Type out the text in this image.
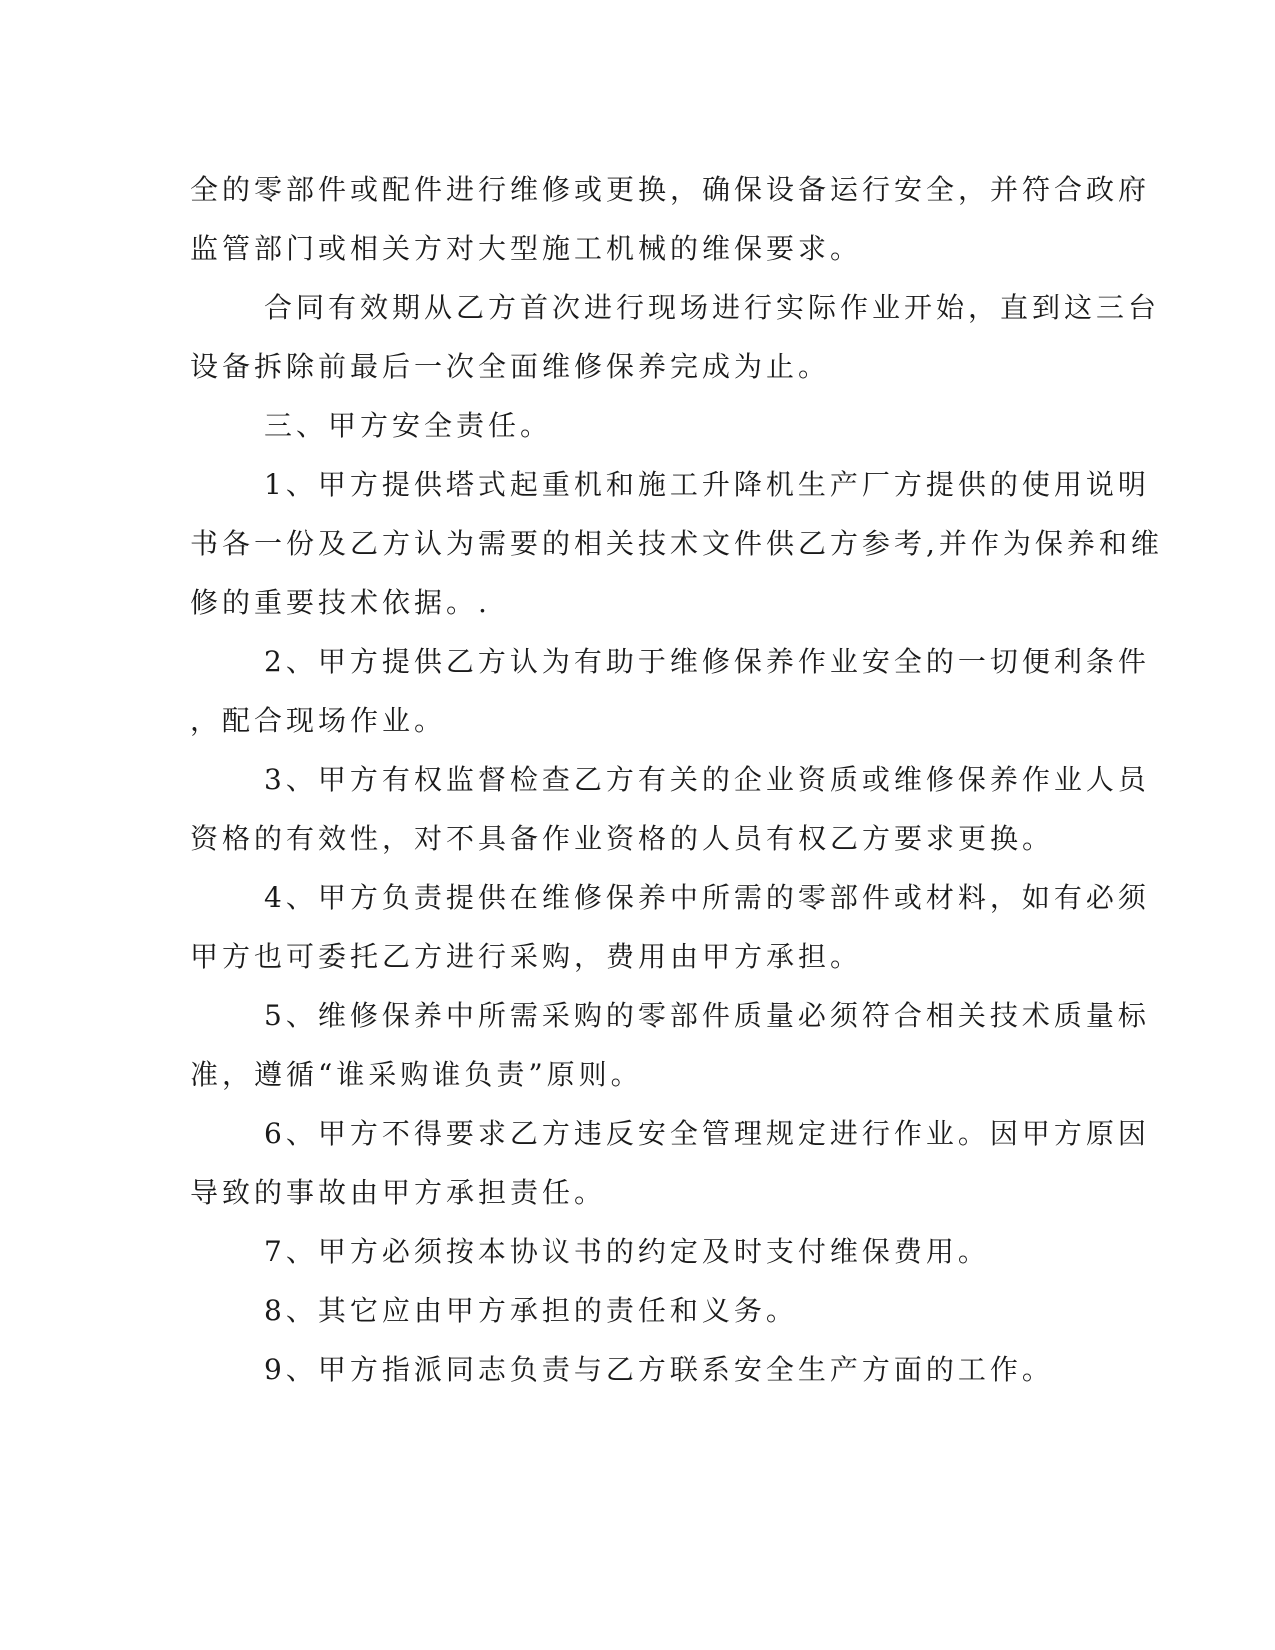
全的零部件或配件进行维修或更换，确保设备运行安全，并符合政府
监管部门或相关方对大型施工机械的维保要求。
合同有效期从乙方首次进行现场进行实际作业开始，直到这三台
设备拆除前最后一次全面维修保养完成为止。
三、甲方安全责任。
1、甲方提供塔式起重机和施工升降机生产厂方提供的使用说明
书各一份及乙方认为需要的相关技术文件供乙方参考,并作为保养和维
修的重要技术依据。.
2、甲方提供乙方认为有助于维修保养作业安全的一切便利条件
，配合现场作业。
3、甲方有权监督检查乙方有关的企业资质或维修保养作业人员
资格的有效性，对不具备作业资格的人员有权乙方要求更换。
4、甲方负责提供在维修保养中所需的零部件或材料，如有必须
甲方也可委托乙方进行采购，费用由甲方承担。
5、维修保养中所需采购的零部件质量必须符合相关技术质量标
准，遵循“谁采购谁负责”原则。
6、甲方不得要求乙方违反安全管理规定进行作业。因甲方原因
导致的事故由甲方承担责任。
7、甲方必须按本协议书的约定及时支付维保费用。
8、其它应由甲方承担的责任和义务。
9、甲方指派同志负责与乙方联系安全生产方面的工作。
